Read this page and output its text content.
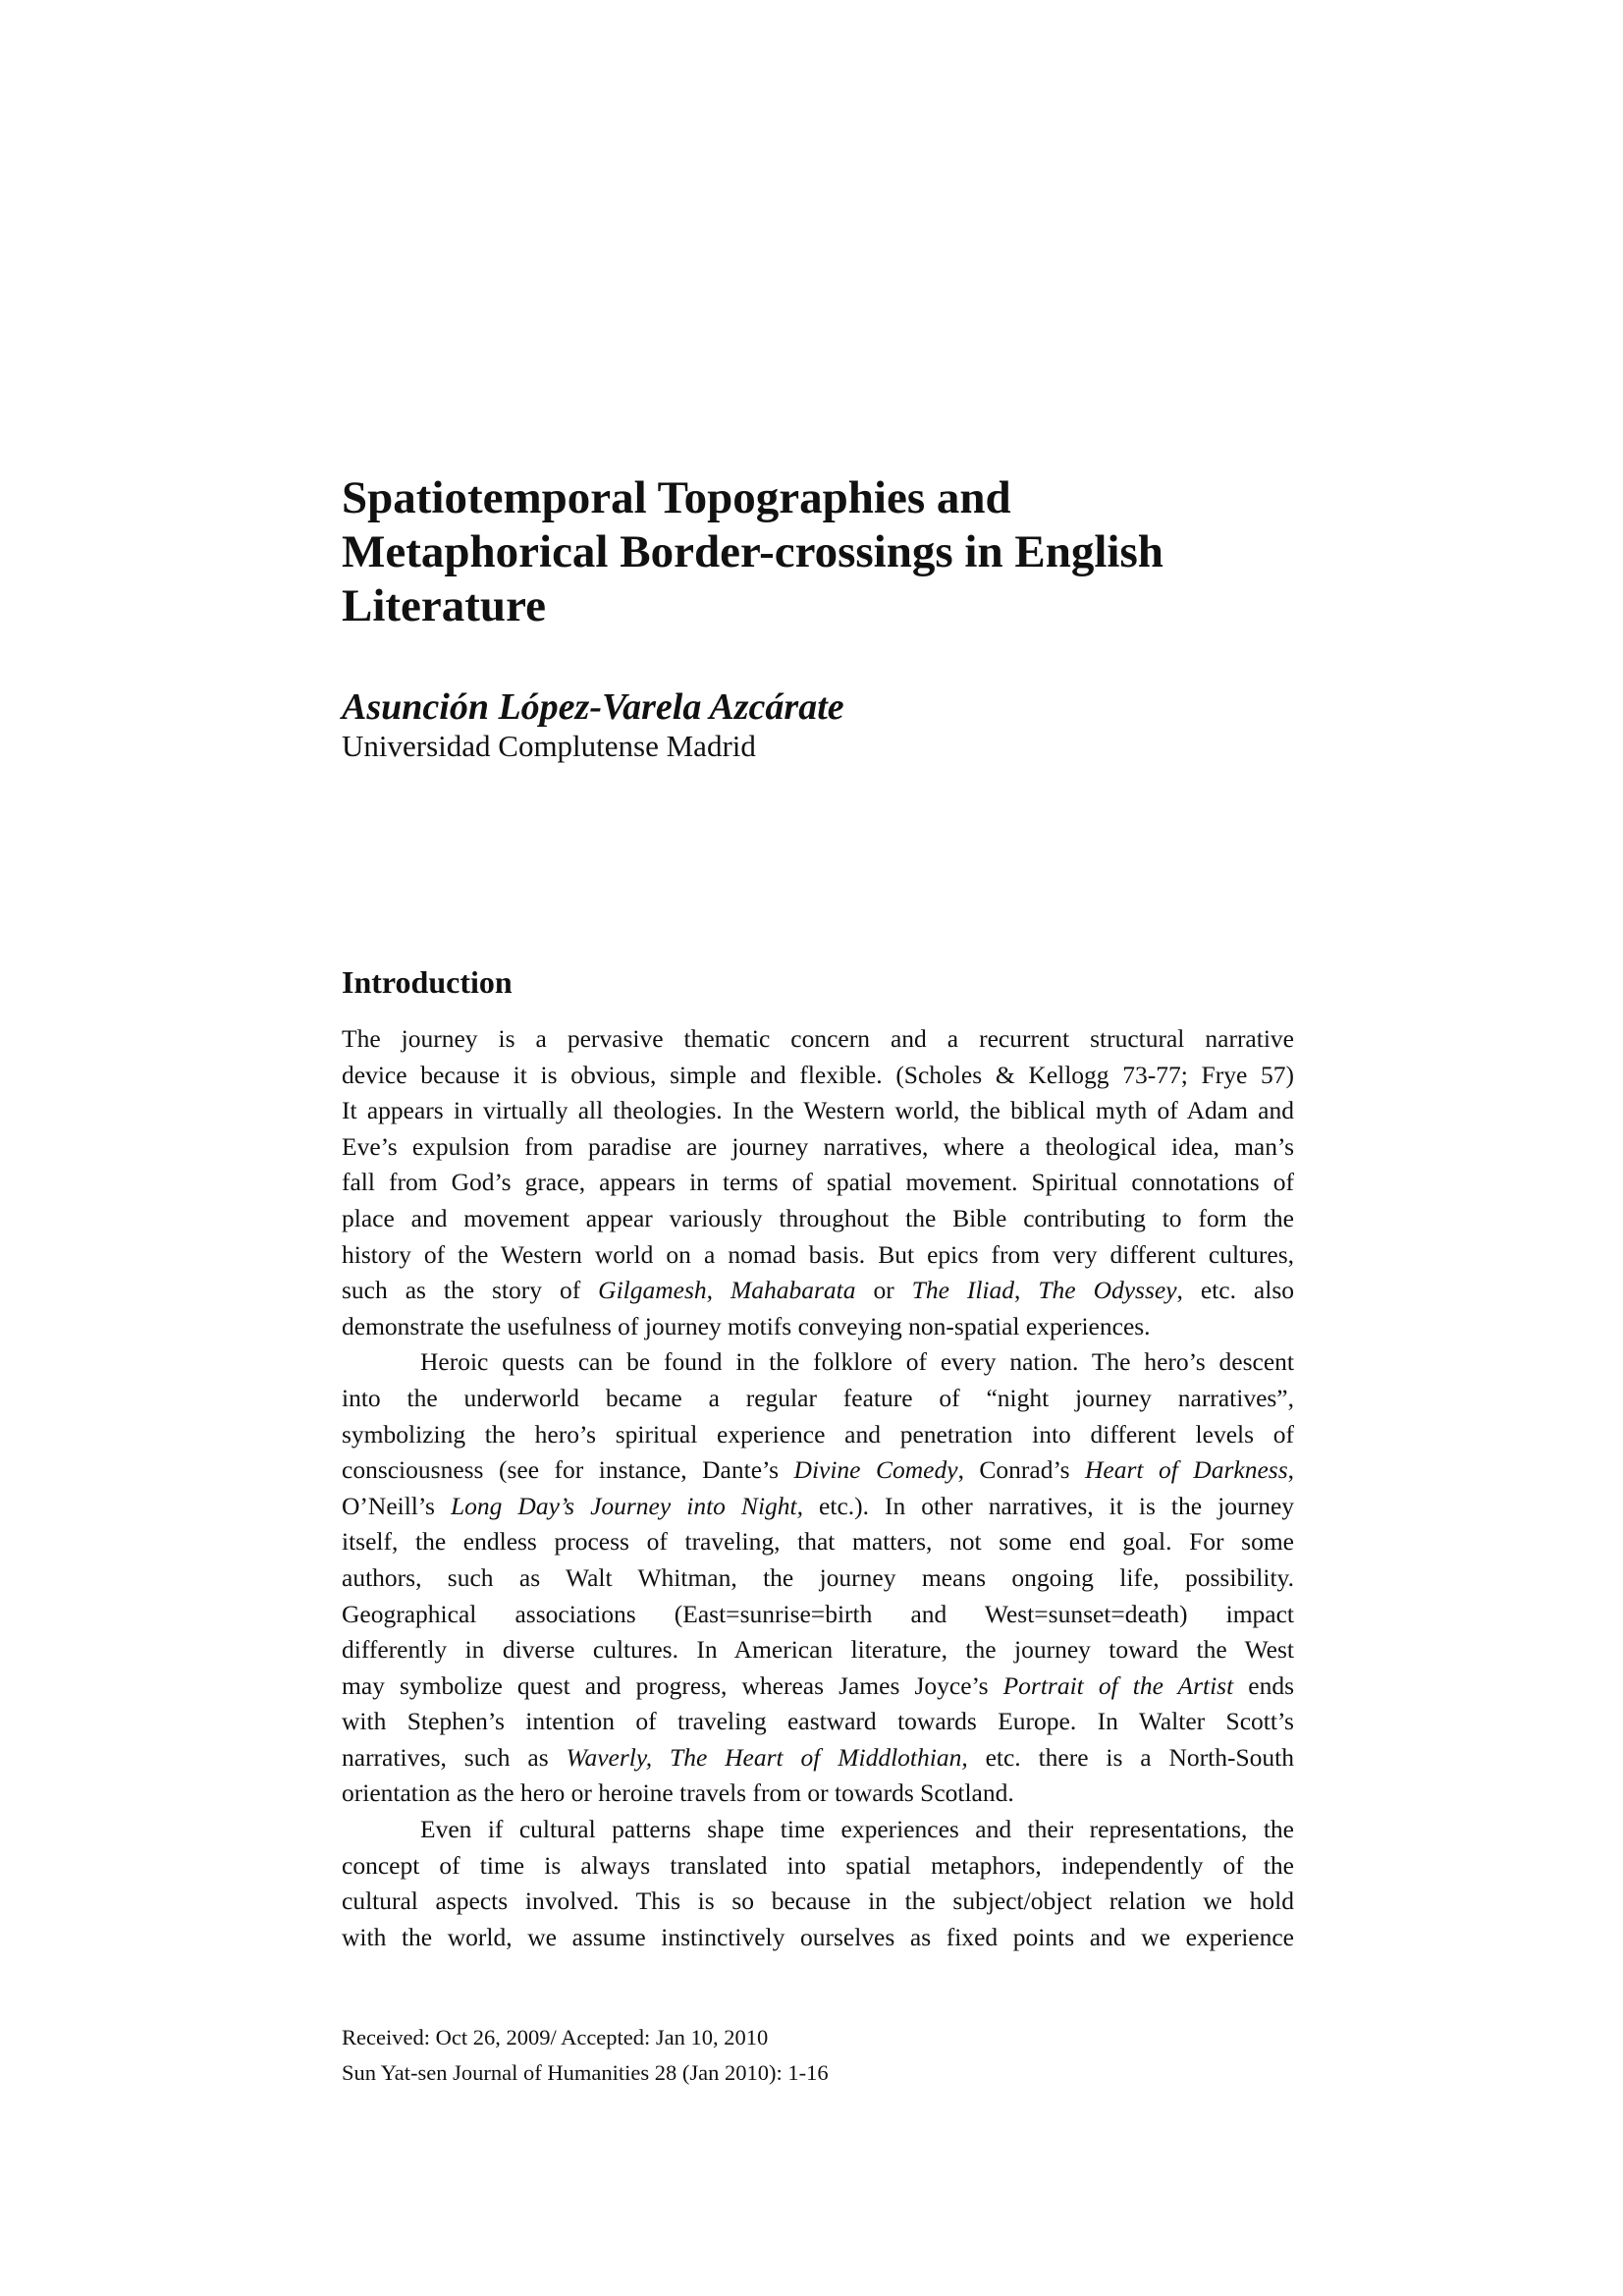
Spatiotemporal Topographies and
Metaphorical Border-crossings in English
Literature
Asunción López-Varela Azcárate
Universidad Complutense Madrid
Introduction

The journey is a pervasive thematic concern and a recurrent structural narrative
device because it is obvious, simple and flexible. (Scholes & Kellogg 73-77; Frye 57)
It appears in virtually all theologies. In the Western world, the biblical myth of Adam and
Eve’s expulsion from paradise are journey narratives, where a theological idea, man’s
fall from God’s grace, appears in terms of spatial movement. Spiritual connotations of
place and movement appear variously throughout the Bible contributing to form the
history of the Western world on a nomad basis. But epics from very different cultures,
such as the story of Gilgamesh, Mahabarata or The Iliad, The Odyssey, etc. also
demonstrate the usefulness of journey motifs conveying non-spatial experiences.

Heroic quests can be found in the folklore of every nation. The hero’s descent
into the underworld became a regular feature of “night journey narratives”,
symbolizing the hero’s spiritual experience and penetration into different levels of
consciousness (see for instance, Dante’s Divine Comedy, Conrad’s Heart of Darkness,
O’Neill’s Long Day’s Journey into Night, etc.). In other narratives, it is the journey
itself, the endless process of traveling, that matters, not some end goal. For some
authors, such as Walt Whitman, the journey means ongoing life, possibility.
Geographical associations (East=sunrise=birth and West=sunset=death) impact
differently in diverse cultures. In American literature, the journey toward the West
may symbolize quest and progress, whereas James Joyce’s Portrait of the Artist ends
with Stephen’s intention of traveling eastward towards Europe. In Walter Scott’s
narratives, such as Waverly, The Heart of Middlothian, etc. there is a North-South
orientation as the hero or heroine travels from or towards Scotland.

Even if cultural patterns shape time experiences and their representations, the
concept of time is always translated into spatial metaphors, independently of the
cultural aspects involved. This is so because in the subject/object relation we hold
with the world, we assume instinctively ourselves as fixed points and we experience

Received: Oct 26, 2009/ Accepted: Jan 10, 2010
Sun Yat-sen Journal of Humanities 28 (Jan 2010): 1-16
